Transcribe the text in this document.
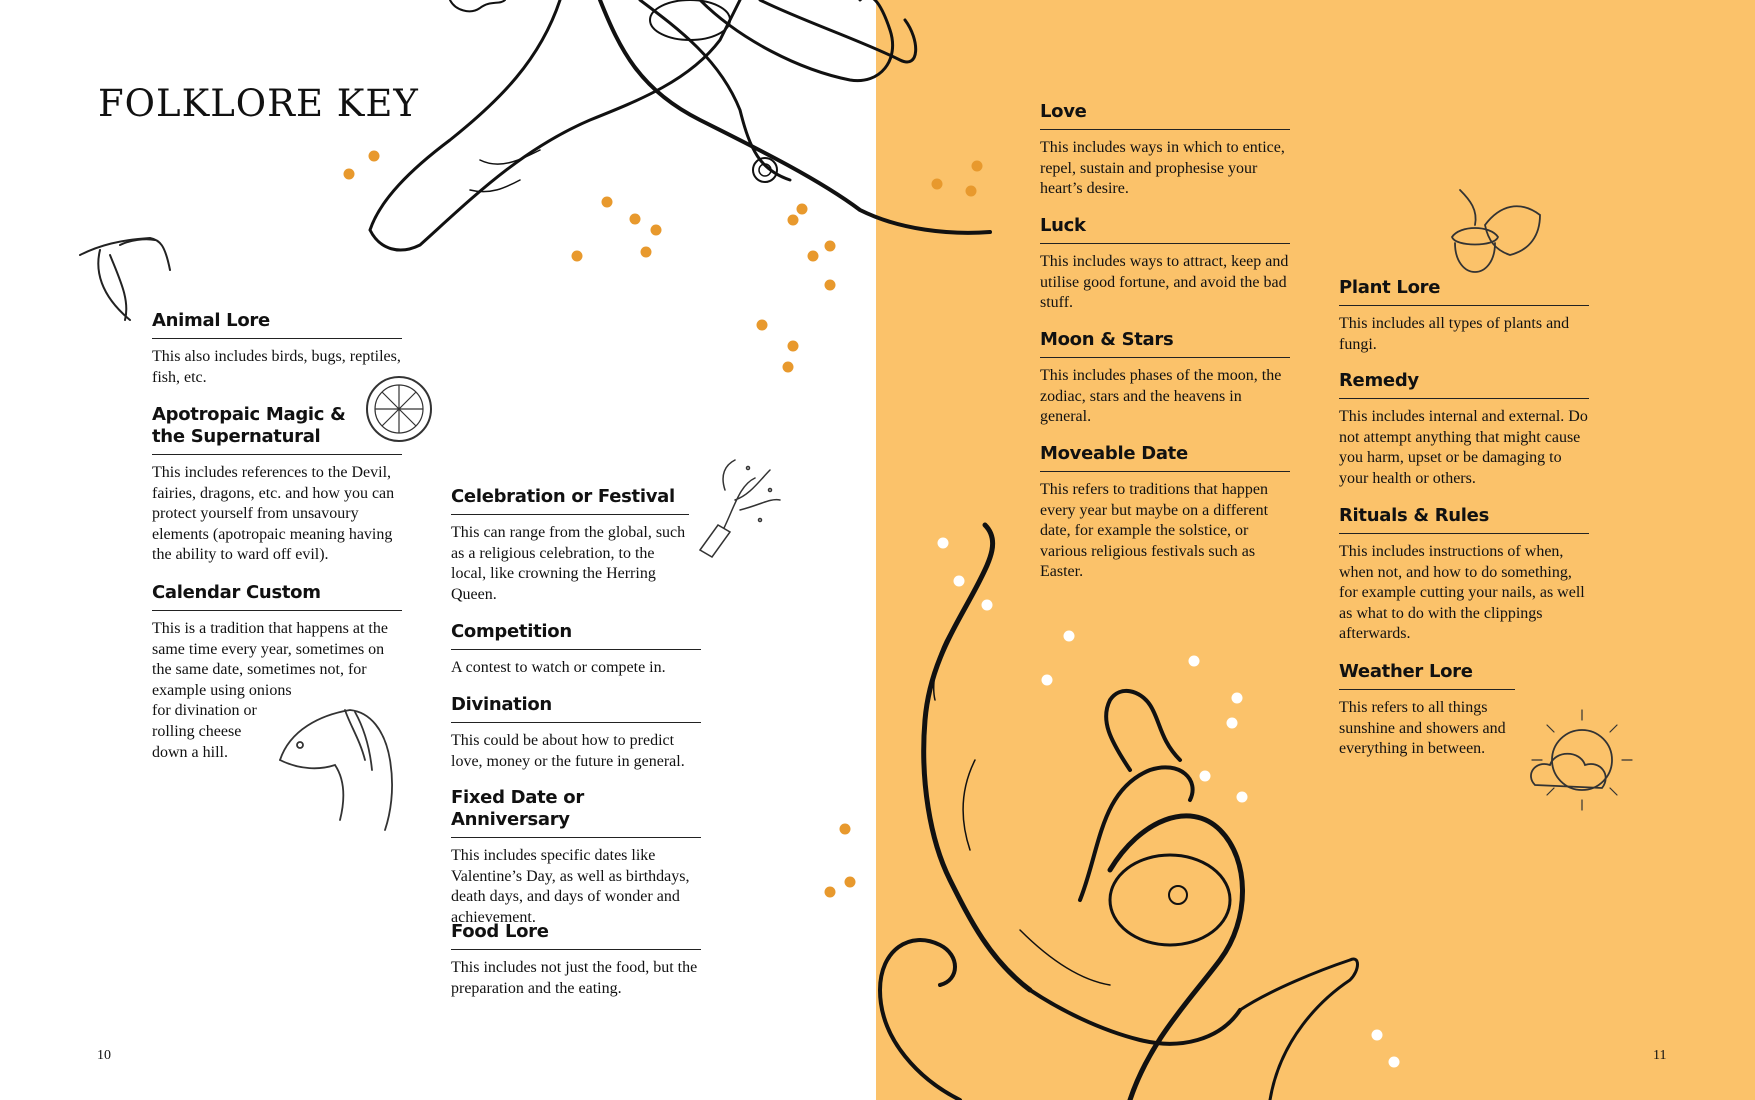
FOLKLORE KEY
Animal Lore

This also includes birds, bugs, reptiles, fish, etc.

Apotropaic Magic &
the Supernatural

This includes references to the Devil, fairies, dragons, etc. and how you can protect yourself from unsavoury elements (apotropaic meaning having the ability to ward off evil).

Calendar Custom

This is a tradition that happens at the
same time every year, sometimes on
the same date, sometimes not, for
example using onions
for divination or
rolling cheese
down a hill.

Celebration or Festival

This can range from the global, such as a religious celebration, to the local, like crowning the Herring Queen.

Competition

A contest to watch or compete in.

Divination

This could be about how to predict love, money or the future in general.

Fixed Date or Anniversary

This includes specific dates like Valentine’s Day, as well as birthdays, death days, and days of wonder and achievement.

Food Lore

This includes not just the food, but the preparation and the eating.

Love

This includes ways in which to entice, repel, sustain and prophesise your heart’s desire.

Luck

This includes ways to attract, keep and utilise good fortune, and avoid the bad stuff.

Moon & Stars

This includes phases of the moon, the zodiac, stars and the heavens in general.

Moveable Date

This refers to traditions that happen every year but maybe on a different date, for example the solstice, or various religious festivals such as Easter.

Plant Lore

This includes all types of plants and fungi.

Remedy

This includes internal and external. Do not attempt anything that might cause you harm, upset or be damaging to your health or others.

Rituals & Rules

This includes instructions of when, when not, and how to do something, for example cutting your nails, as well as what to do with the clippings afterwards.

Weather Lore

This refers to all things sunshine and showers and everything in between.

10	11
